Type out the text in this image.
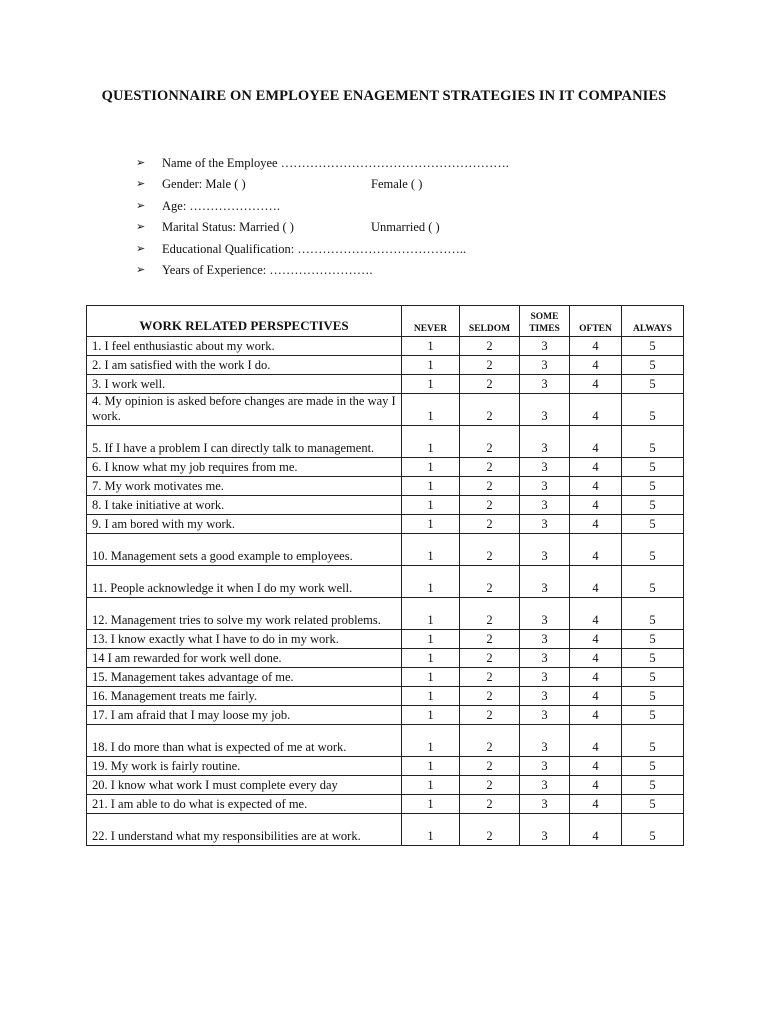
QUESTIONNAIRE ON EMPLOYEE ENAGEMENT STRATEGIES IN IT COMPANIES
➢	Name of the Employee ……………………………………………….
➢	Gender: Male ( )	Female ( )
➢	Age: ………………….
➢	Marital Status: Married ( )	Unmarried ( )
➢	Educational Qualification: …………………………………..
➢	Years of Experience: …………………….
WORK RELATED PERSPECTIVES	NEVER	SELDOM	SOME TIMES	OFTEN	ALWAYS
1. I feel enthusiastic about my work.	1	2	3	4	5
2. I am satisfied with the work I do.	1	2	3	4	5
3. I work well.	1	2	3	4	5
4. My opinion is asked before changes are made in the way I work.	1	2	3	4	5
5. If I have a problem I can directly talk to management.	1	2	3	4	5
6. I know what my job requires from me.	1	2	3	4	5
7. My work motivates me.	1	2	3	4	5
8. I take initiative at work.	1	2	3	4	5
9. I am bored with my work.	1	2	3	4	5
10. Management sets a good example to employees.	1	2	3	4	5
11. People acknowledge it when I do my work well.	1	2	3	4	5
12. Management tries to solve my work related problems.	1	2	3	4	5
13. I know exactly what I have to do in my work.	1	2	3	4	5
14 I am rewarded for work well done.	1	2	3	4	5
15. Management takes advantage of me.	1	2	3	4	5
16. Management treats me fairly.	1	2	3	4	5
17. I am afraid that I may loose my job.	1	2	3	4	5
18. I do more than what is expected of me at work.	1	2	3	4	5
19. My work is fairly routine.	1	2	3	4	5
20. I know what work I must complete every day	1	2	3	4	5
21. I am able to do what is expected of me.	1	2	3	4	5
22. I understand what my responsibilities are at work.	1	2	3	4	5
